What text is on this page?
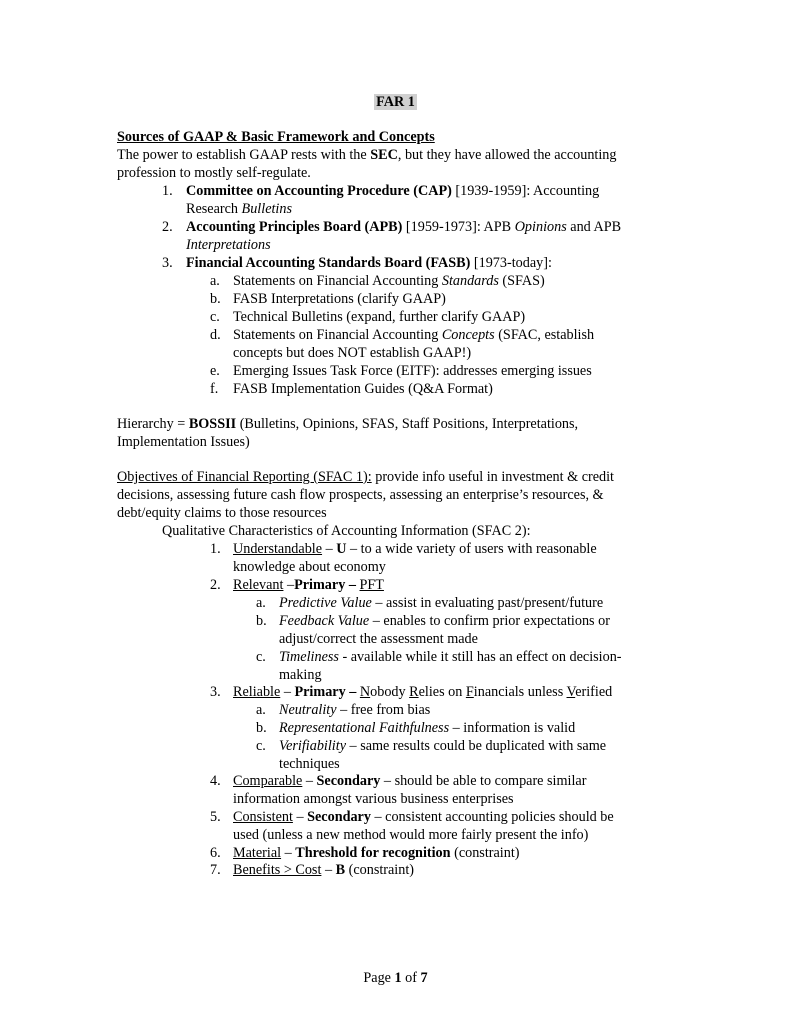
FAR 1
Sources of GAAP & Basic Framework and Concepts
The power to establish GAAP rests with the SEC, but they have allowed the accounting
profession to mostly self-regulate.
1. Committee on Accounting Procedure (CAP) [1939-1959]: Accounting
Research Bulletins
2. Accounting Principles Board (APB) [1959-1973]: APB Opinions and APB
Interpretations
3. Financial Accounting Standards Board (FASB) [1973-today]:
a. Statements on Financial Accounting Standards (SFAS)
b. FASB Interpretations (clarify GAAP)
c. Technical Bulletins (expand, further clarify GAAP)
d. Statements on Financial Accounting Concepts (SFAC, establish
concepts but does NOT establish GAAP!)
e. Emerging Issues Task Force (EITF): addresses emerging issues
f. FASB Implementation Guides (Q&A Format)
Hierarchy = BOSSII (Bulletins, Opinions, SFAS, Staff Positions, Interpretations,
Implementation Issues)
Objectives of Financial Reporting (SFAC 1): provide info useful in investment & credit
decisions, assessing future cash flow prospects, assessing an enterprise’s resources, &
debt/equity claims to those resources
Qualitative Characteristics of Accounting Information (SFAC 2):
1. Understandable – U – to a wide variety of users with reasonable
knowledge about economy
2. Relevant –Primary – PFT
a. Predictive Value – assist in evaluating past/present/future
b. Feedback Value – enables to confirm prior expectations or
adjust/correct the assessment made
c. Timeliness - available while it still has an effect on decision-
making
3. Reliable – Primary – Nobody Relies on Financials unless Verified
a. Neutrality – free from bias
b. Representational Faithfulness – information is valid
c. Verifiability – same results could be duplicated with same
techniques
4. Comparable – Secondary – should be able to compare similar
information amongst various business enterprises
5. Consistent – Secondary – consistent accounting policies should be
used (unless a new method would more fairly present the info)
6. Material – Threshold for recognition (constraint)
7. Benefits > Cost – B (constraint)
Page 1 of 7
